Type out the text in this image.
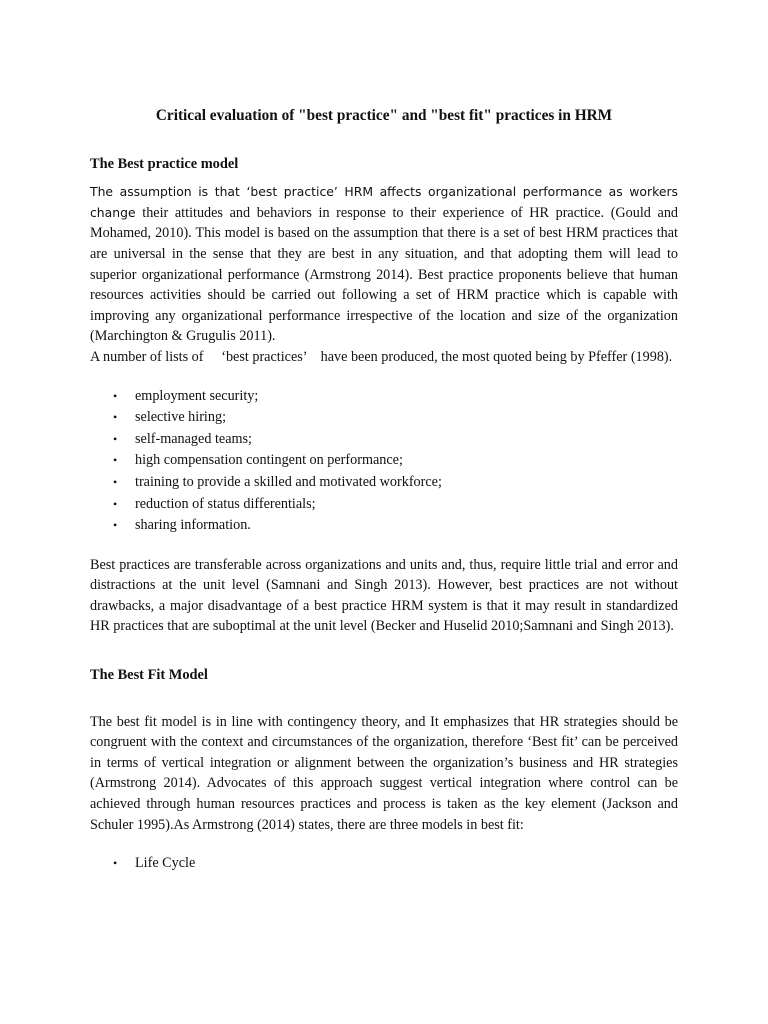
Critical evaluation of "best practice" and "best fit" practices in HRM
The Best practice model

The assumption is that ‘best practice’ HRM affects organizational performance as workers change their attitudes and behaviors in response to their experience of HR practice. (Gould and Mohamed, 2010). This model is based on the assumption that there is a set of best HRM practices that are universal in the sense that they are best in any situation, and that adopting them will lead to superior organizational performance (Armstrong 2014). Best practice proponents believe that human resources activities should be carried out following a set of HRM practice which is capable with improving any organizational performance irrespective of the location and size of the organization (Marchington & Grugulis 2011).

A number of lists of 　‘best practices’　have been produced, the most quoted being by Pfeffer (1998).

• employment security;
• selective hiring;
• self-managed teams;
• high compensation contingent on performance;
• training to provide a skilled and motivated workforce;
• reduction of status differentials;
• sharing information.

Best practices are transferable across organizations and units and, thus, require little trial and error and distractions at the unit level (Samnani and Singh 2013). However, best practices are not without drawbacks, a major disadvantage of a best practice HRM system is that it may result in standardized HR practices that are suboptimal at the unit level (Becker and Huselid 2010;Samnani and Singh 2013).

The Best Fit Model

The best fit model is in line with contingency theory, and It emphasizes that HR strategies should be congruent with the context and circumstances of the organization, therefore ‘Best fit’ can be perceived in terms of vertical integration or alignment between the organization’s business and HR strategies (Armstrong 2014). Advocates of this approach suggest vertical integration where control can be achieved through human resources practices and process is taken as the key element (Jackson and Schuler 1995).As Armstrong (2014) states, there are three models in best fit:

• Life Cycle
